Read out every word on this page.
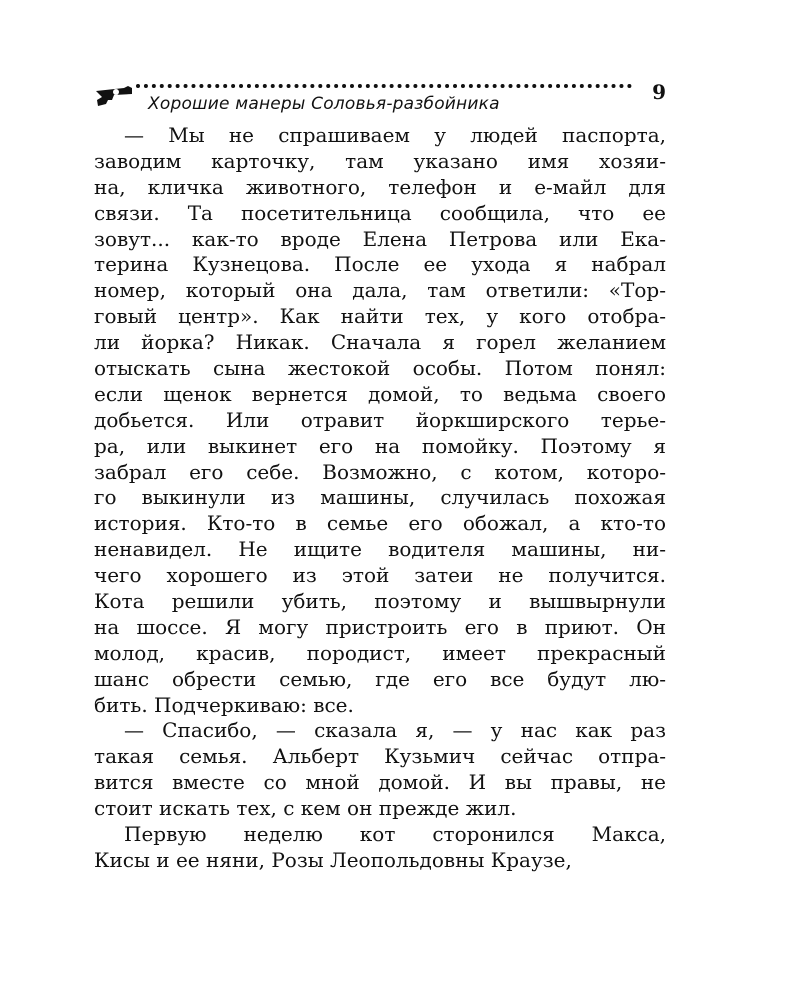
Хорошие манеры Соловья-разбойника	9
— Мы не спрашиваем у людей паспорта,
заводим карточку, там указано имя хозяи-
на, кличка животного, телефон и е-майл для
связи. Та посетительница сообщила, что ее
зовут... как-то вроде Елена Петрова или Ека-
терина Кузнецова. После ее ухода я набрал
номер, который она дала, там ответили: «Тор-
говый центр». Как найти тех, у кого отобра-
ли йорка? Никак. Сначала я горел желанием
отыскать сына жестокой особы. Потом понял:
если щенок вернется домой, то ведьма своего
добьется. Или отравит йоркширского терье-
ра, или выкинет его на помойку. Поэтому я
забрал его себе. Возможно, с котом, которо-
го выкинули из машины, случилась похожая
история. Кто-то в семье его обожал, а кто-то
ненавидел. Не ищите водителя машины, ни-
чего хорошего из этой затеи не получится.
Кота решили убить, поэтому и вышвырнули
на шоссе. Я могу пристроить его в приют. Он
молод, красив, породист, имеет прекрасный
шанс обрести семью, где его все будут лю-
бить. Подчеркиваю: все.
— Спасибо, — сказала я, — у нас как раз
такая семья. Альберт Кузьмич сейчас отпра-
вится вместе со мной домой. И вы правы, не
стоит искать тех, с кем он прежде жил.
Первую неделю кот сторонился Макса,
Кисы и ее няни, Розы Леопольдовны Краузе,
